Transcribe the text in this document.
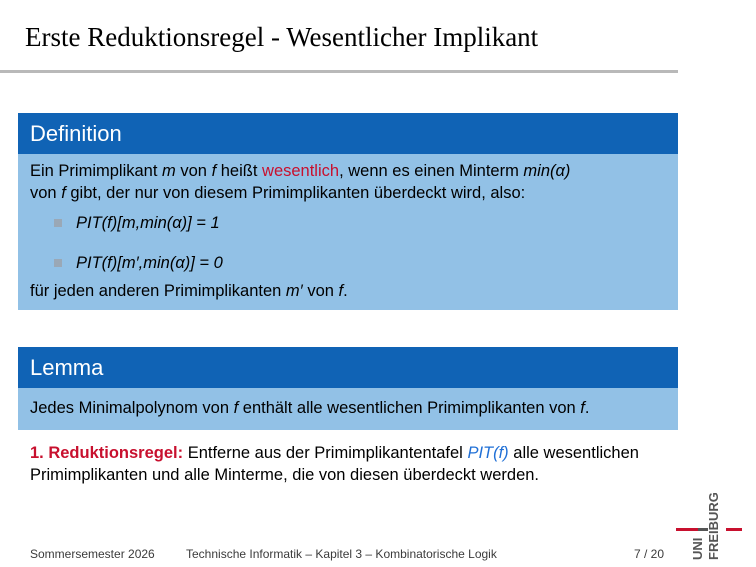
Erste Reduktionsregel - Wesentlicher Implikant
Definition
Ein Primimplikant m von f heißt wesentlich, wenn es einen Minterm min(α)
von f gibt, der nur von diesem Primimplikanten überdeckt wird, also:
PIT(f)[m,min(α)] = 1
PIT(f)[m′,min(α)] = 0
für jeden anderen Primimplikanten m′ von f.
Lemma
Jedes Minimalpolynom von f enthält alle wesentlichen Primimplikanten von f.
1. Reduktionsregel: Entferne aus der Primimplikantentafel PIT(f) alle wesentlichen Primimplikanten und alle Minterme, die von diesen überdeckt werden.
Sommersemester 2026	Technische Informatik – Kapitel 3 – Kombinatorische Logik	7 / 20 UNI FREIBURG
